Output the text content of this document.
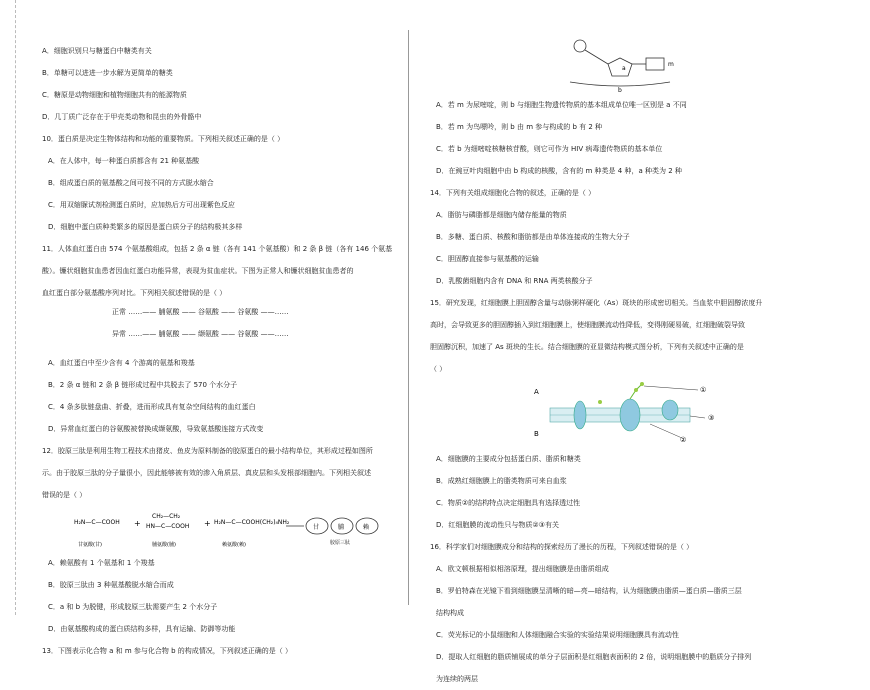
A．细胞识别只与糖蛋白中糖类有关
B．单糖可以进进一步水解为更简单的糖类
C．糖原是动物细胞和植物细胞共有的能源物质
D．几丁质广泛存在于甲壳类动物和昆虫的外骨骼中
10．蛋白质是决定生物体结构和功能的重要物质。下列相关叙述正确的是（ ）
A．在人体中，每一种蛋白质都含有 21 种氨基酸
B．组成蛋白质的氨基酸之间可按不同的方式脱水缩合
C．用双缩脲试剂检测蛋白质时，应加热后方可出现紫色反应
D．细胞中蛋白质种类繁多的原因是蛋白质分子的结构极其多样
11．人体血红蛋白由 574 个氨基酸组成，包括 2 条 α 链（各有 141 个氨基酸）和 2 条 β 链（各有 146 个氨基
酸）。镰状细胞贫血患者因血红蛋白功能异常，表现为贫血症状。下图为正常人和镰状细胞贫血患者的
血红蛋白部分氨基酸序列对比。下列相关叙述错误的是（ ）
正常 ……—— 脯氨酸 —— 谷氨酸 —— 谷氨酸 ——……
异常 ……—— 脯氨酸 —— 缬氨酸 —— 谷氨酸 ——……
A．血红蛋白中至少含有 4 个游离的氨基和羧基
B．2 条 α 链和 2 条 β 链形成过程中共脱去了 570 个水分子
C．4 条多肽链盘曲、折叠，进而形成具有复杂空间结构的血红蛋白
D．异常血红蛋白的谷氨酸被替换成缬氨酸，导致氨基酸连接方式改变
12．胶原三肽是利用生物工程技术由猪皮、鱼皮为原料制备的胶原蛋白的最小结构单位，其形成过程如图所
示。由于胶原三肽的分子量很小，因此能够被有效的渗入角质层、真皮层和头发根部细胞内。下列相关叙述
错误的是（ ）
H₂N—C—COOH
CH₂—CH₂
HN—C—COOH
+	+ H₂N—C—COOH(CH₂)₄NH₂
甘	脯	赖
甘氨酸(甘)	脯氨酸(脯)	赖氨酸(赖)	胶原三肽
A．赖氨酸有 1 个氨基和 1 个羧基
B．胶原三肽由 3 种氨基酸脱水缩合而成
C．a 和 b 为脱键，形成胶原三肽需要产生 2 个水分子
D．由氨基酸构成的蛋白质结构多样，具有运输、防御等功能
13．下图表示化合物 a 和 m 参与化合物 b 的构成情况，下列叙述正确的是（ ）
m
a
b
A．若 m 为尿嘧啶，则 b 与细胞生物遗传物质的基本组成单位唯一区别是 a 不同
B．若 m 为鸟嘌呤，则 b 由 m 参与构成的 b 有 2 种
C．若 b 为细嘧啶核糖核苷酸，则它可作为 HIV 病毒遗传物质的基本单位
D．在豌豆叶肉细胞中由 b 构成的核酸，含有的 m 种类是 4 种，a 种类为 2 种
14．下列有关组成细胞化合物的叙述，正确的是（ ）
A．脂肪与磷脂都是细胞内储存能量的物质
B．多糖、蛋白质、核酸和脂肪都是由单体连接成的生物大分子
C．胆固醇直接参与氨基酸的运输
D．乳酸菌细胞内含有 DNA 和 RNA 两类核酸分子
15．研究发现，红细胞膜上胆固醇含量与动脉粥样硬化（As）斑块的形成密切相关。当血浆中胆固醇浓度升
高时，会导致更多的胆固醇插入到红细胞膜上，使细胞膜流动性降低，变得刚硬易破，红细胞破裂导致
胆固醇沉积，加速了 As 斑块的生长。结合细胞膜的亚显微结构模式图分析，下列有关叙述中正确的是
（ ）
A
B
①
②
③
A．细胞膜的主要成分包括蛋白质、脂质和糖类
B．成熟红细胞膜上的脂类物质可来自血浆
C．物质②的结构特点决定细胞具有选择透过性
D．红细胞膜的流动性只与物质②③有关
16．科学家们对细胞膜成分和结构的探索经历了漫长的历程，下列叙述错误的是（ ）
A．欧文顿根据相似相溶原理，提出细胞膜是由脂质组成
B．罗伯特森在光镜下看到细胞膜呈清晰的暗—亮—暗结构，认为细胞膜由脂质—蛋白质—脂质三层
结构构成
C．荧光标记的小鼠细胞和人体细胞融合实验的实验结果说明细胞膜具有流动性
D．提取人红细胞的脂质铺展成的单分子层面积是红细胞表面积的 2 倍，说明细胞膜中的脂质分子排列
为连续的两层
